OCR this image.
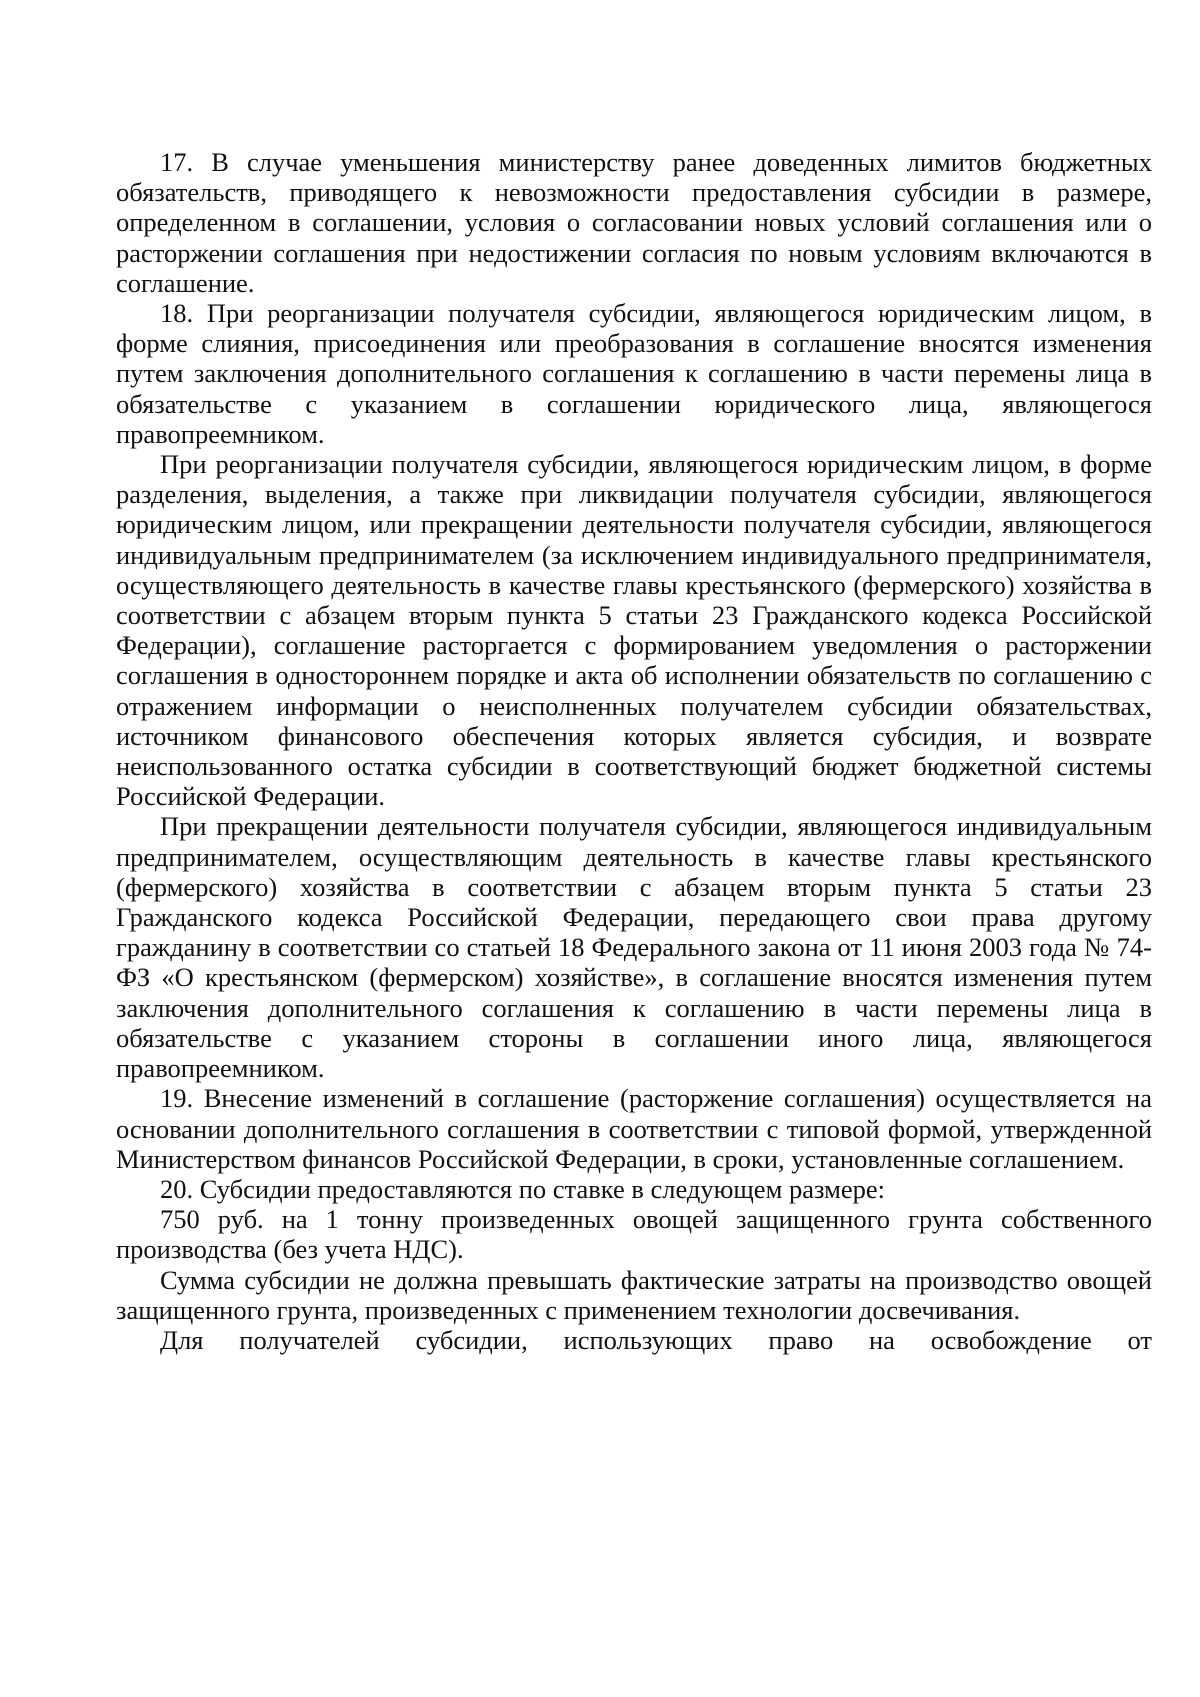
17. В случае уменьшения министерству ранее доведенных лимитов бюджетных обязательств, приводящего к невозможности предоставления субсидии в размере, определенном в соглашении, условия о согласовании новых условий соглашения или о расторжении соглашения при недостижении согласия по новым условиям включаются в соглашение.

18. При реорганизации получателя субсидии, являющегося юридическим лицом, в форме слияния, присоединения или преобразования в соглашение вносятся изменения путем заключения дополнительного соглашения к соглашению в части перемены лица в обязательстве с указанием в соглашении юридического лица, являющегося правопреемником.

При реорганизации получателя субсидии, являющегося юридическим лицом, в форме разделения, выделения, а также при ликвидации получателя субсидии, являющегося юридическим лицом, или прекращении деятельности получателя субсидии, являющегося индивидуальным предпринимателем (за исключением индивидуального предпринимателя, осуществляющего деятельность в качестве главы крестьянского (фермерского) хозяйства в соответствии с абзацем вторым пункта 5 статьи 23 Гражданского кодекса Российской Федерации), соглашение расторгается с формированием уведомления о расторжении соглашения в одностороннем порядке и акта об исполнении обязательств по соглашению с отражением информации о неисполненных получателем субсидии обязательствах, источником финансового обеспечения которых является субсидия, и возврате неиспользованного остатка субсидии в соответствующий бюджет бюджетной системы Российской Федерации.

При прекращении деятельности получателя субсидии, являющегося индивидуальным предпринимателем, осуществляющим деятельность в качестве главы крестьянского (фермерского) хозяйства в соответствии с абзацем вторым пункта 5 статьи 23 Гражданского кодекса Российской Федерации, передающего свои права другому гражданину в соответствии со статьей 18 Федерального закона от 11 июня 2003 года № 74-ФЗ «О крестьянском (фермерском) хозяйстве», в соглашение вносятся изменения путем заключения дополнительного соглашения к соглашению в части перемены лица в обязательстве с указанием стороны в соглашении иного лица, являющегося правопреемником.

19. Внесение изменений в соглашение (расторжение соглашения) осуществляется на основании дополнительного соглашения в соответствии с типовой формой, утвержденной Министерством финансов Российской Федерации, в сроки, установленные соглашением.

20. Субсидии предоставляются по ставке в следующем размере:

750 руб. на 1 тонну произведенных овощей защищенного грунта собственного производства (без учета НДС).

Сумма субсидии не должна превышать фактические затраты на производство овощей защищенного грунта, произведенных с применением технологии досвечивания.

Для получателей субсидии, использующих право на освобождение от
